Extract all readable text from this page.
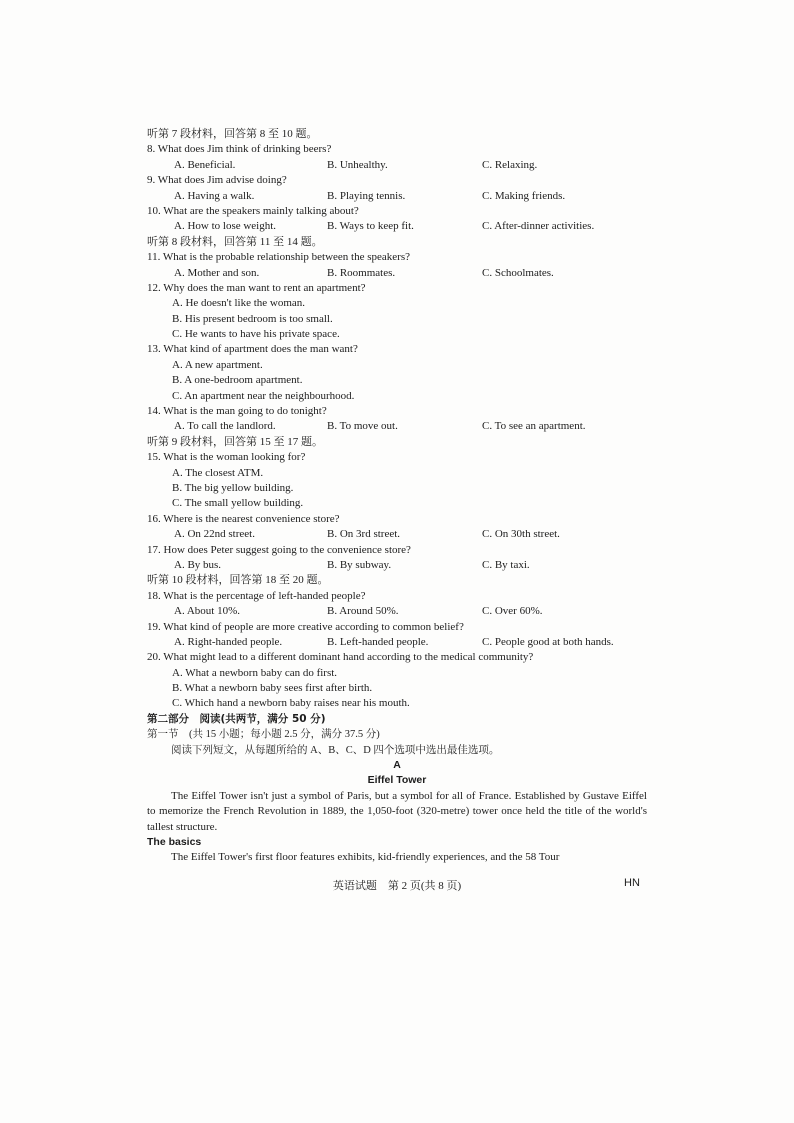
听第 7 段材料，回答第 8 至 10 题。
8. What does Jim think of drinking beers?
A. Beneficial.	B. Unhealthy.	C. Relaxing.
9. What does Jim advise doing?
A. Having a walk.	B. Playing tennis.	C. Making friends.
10. What are the speakers mainly talking about?
A. How to lose weight.	B. Ways to keep fit.	C. After-dinner activities.
听第 8 段材料，回答第 11 至 14 题。
11. What is the probable relationship between the speakers?
A. Mother and son.	B. Roommates.	C. Schoolmates.
12. Why does the man want to rent an apartment?
A. He doesn't like the woman.
B. His present bedroom is too small.
C. He wants to have his private space.
13. What kind of apartment does the man want?
A. A new apartment.
B. A one-bedroom apartment.
C. An apartment near the neighbourhood.
14. What is the man going to do tonight?
A. To call the landlord.	B. To move out.	C. To see an apartment.
听第 9 段材料，回答第 15 至 17 题。
15. What is the woman looking for?
A. The closest ATM.
B. The big yellow building.
C. The small yellow building.
16. Where is the nearest convenience store?
A. On 22nd street.	B. On 3rd street.	C. On 30th street.
17. How does Peter suggest going to the convenience store?
A. By bus.	B. By subway.	C. By taxi.
听第 10 段材料，回答第 18 至 20 题。
18. What is the percentage of left-handed people?
A. About 10%.	B. Around 50%.	C. Over 60%.
19. What kind of people are more creative according to common belief?
A. Right-handed people.	B. Left-handed people.	C. People good at both hands.
20. What might lead to a different dominant hand according to the medical community?
A. What a newborn baby can do first.
B. What a newborn baby sees first after birth.
C. Which hand a newborn baby raises near his mouth.
第二部分　阅读(共两节，满分 50 分)
第一节　(共 15 小题；每小题 2.5 分，满分 37.5 分)
阅读下列短文，从每题所给的 A、B、C、D 四个选项中选出最佳选项。
A
Eiffel Tower

The Eiffel Tower isn't just a symbol of Paris, but a symbol for all of France. Established by Gustave Eiffel to memorize the French Revolution in 1889, the 1,050-foot (320-metre) tower once held the title of the world's tallest structure.

The basics

The Eiffel Tower's first floor features exhibits, kid-friendly experiences, and the 58 Tour

英语试题　第 2 页(共 8 页)	HN
